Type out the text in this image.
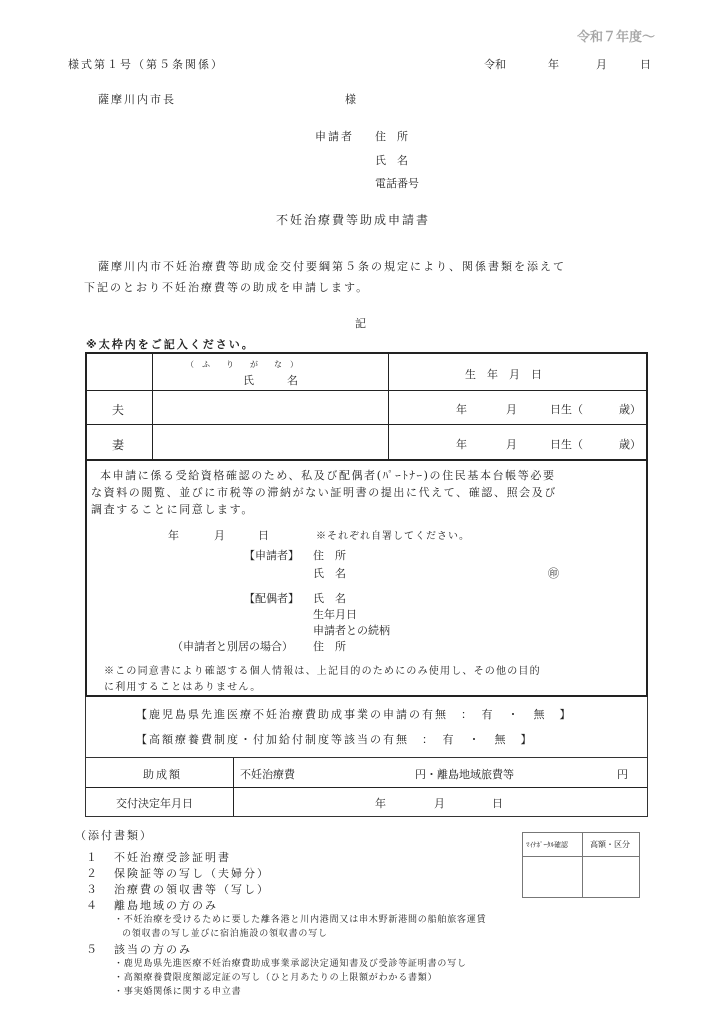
令和７年度～
様式第１号（第５条関係）	令和	年	月	日
薩摩川内市長	様
申請者 住　所
氏　名
電話番号
不妊治療費等助成申請書
薩摩川内市不妊治療費等助成金交付要綱第５条の規定により、関係書類を添えて
下記のとおり不妊治療費等の助成を申請します。
記
※太枠内をご記入ください。
（　ふ　　り　　が　　な　）
氏　　　名	生　年　月　日
夫	年	月	日生（	歳）
妻	年	月	日生（	歳）
本申請に係る受給資格確認のため、私及び配偶者(ﾊﾟｰﾄﾅｰ)の住民基本台帳等必要
な資料の閲覧、並びに市税等の滞納がない証明書の提出に代えて、確認、照会及び
調査することに同意します。
年	月	日	※それぞれ自署してください。
【申請者】 住　所
氏　名	㊞
【配偶者】 氏　名
生年月日
申請者との続柄
（申請者と別居の場合） 住　所
※この同意書により確認する個人情報は、上記目的のためにのみ使用し、その他の目的
に利用することはありません。
【鹿児島県先進医療不妊治療費助成事業の申請の有無　：　有　・　無　】
【高額療養費制度・付加給付制度等該当の有無　：　有　・　無　】
助成額	不妊治療費	円・離島地域旅費等	円
交付決定年月日	年	月	日
ﾏｲﾅﾎﾟｰﾀﾙ確認	高額・区分
（添付書類）
１ 不妊治療受診証明書
２ 保険証等の写し（夫婦分）
３ 治療費の領収書等（写し）
４ 離島地域の方のみ
・不妊治療を受けるために要した離各港と川内港間又は串木野新港間の船舶旅客運賃
の領収書の写し並びに宿泊施設の領収書の写し
５ 該当の方のみ
・鹿児島県先進医療不妊治療費助成事業承認決定通知書及び受診等証明書の写し
・高額療養費限度額認定証の写し（ひと月あたりの上限額がわかる書類）
・事実婚関係に関する申立書
